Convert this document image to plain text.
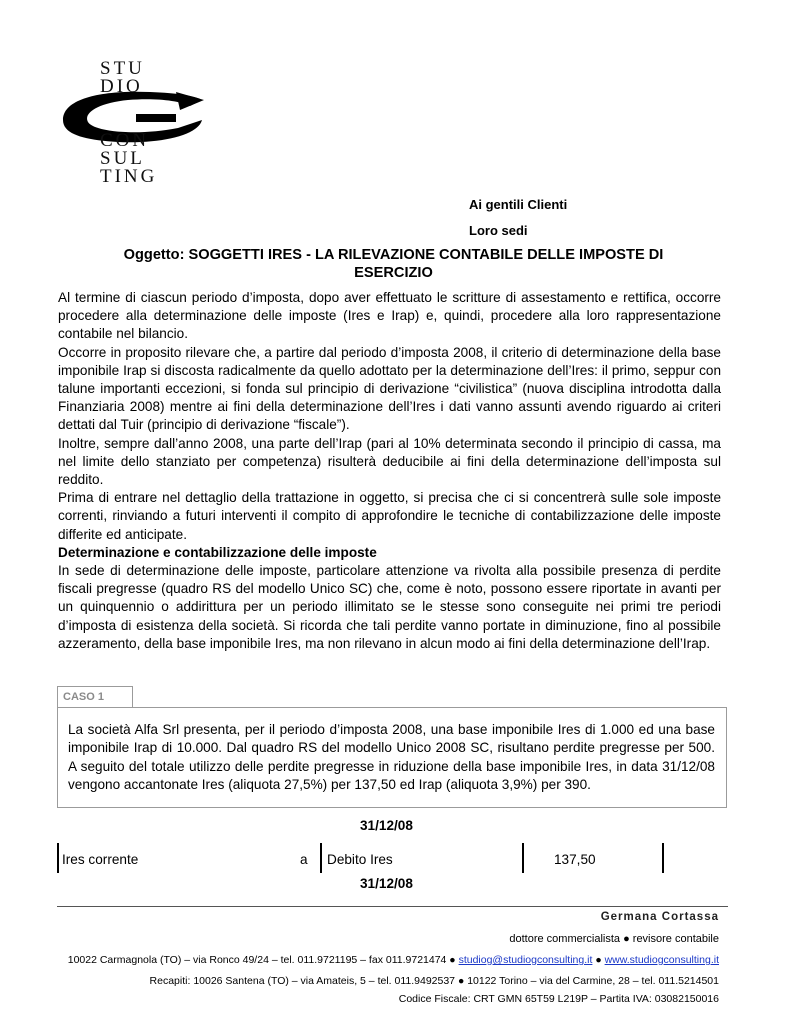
STU
DIO
CON
SUL
TING
Ai gentili Clienti
Loro sedi
Oggetto: SOGGETTI IRES - LA RILEVAZIONE CONTABILE DELLE IMPOSTE DI
ESERCIZIO

Al termine di ciascun periodo d’imposta, dopo aver effettuato le scritture di assestamento e rettifica, occorre procedere alla determinazione delle imposte (Ires e Irap) e, quindi, procedere alla loro rappresentazione contabile nel bilancio.

Occorre in proposito rilevare che, a partire dal periodo d’imposta 2008, il criterio di determinazione della base imponibile Irap si discosta radicalmente da quello adottato per la determinazione dell’Ires: il primo, seppur con talune importanti eccezioni, si fonda sul principio di derivazione “civilistica” (nuova disciplina introdotta dalla Finanziaria 2008) mentre ai fini della determinazione dell’Ires i dati vanno assunti avendo riguardo ai criteri dettati dal Tuir (principio di derivazione “fiscale”).

Inoltre, sempre dall’anno 2008, una parte dell’Irap (pari al 10% determinata secondo il principio di cassa, ma nel limite dello stanziato per competenza) risulterà deducibile ai fini della determinazione dell’imposta sul reddito.

Prima di entrare nel dettaglio della trattazione in oggetto, si precisa che ci si concentrerà sulle sole imposte correnti, rinviando a futuri interventi il compito di approfondire le tecniche di contabilizzazione delle imposte differite ed anticipate.

Determinazione e contabilizzazione delle imposte

In sede di determinazione delle imposte, particolare attenzione va rivolta alla possibile presenza di perdite fiscali pregresse (quadro RS del modello Unico SC) che, come è noto, possono essere riportate in avanti per un quinquennio o addirittura per un periodo illimitato se le stesse sono conseguite nei primi tre periodi d’imposta di esistenza della società. Si ricorda che tali perdite vanno portate in diminuzione, fino al possibile azzeramento, della base imponibile Ires, ma non rilevano in alcun modo ai fini della determinazione dell’Irap.

CASO 1
La società Alfa Srl presenta, per il periodo d’imposta 2008, una base imponibile Ires di 1.000 ed una base imponibile Irap di 10.000. Dal quadro RS del modello Unico 2008 SC, risultano perdite pregresse per 500. A seguito del totale utilizzo delle perdite pregresse in riduzione della base imponibile Ires, in data 31/12/08 vengono accantonate Ires (aliquota 27,5%) per 137,50 ed Irap (aliquota 3,9%) per 390.
31/12/08
Ires corrente	a Debito Ires	137,50
31/12/08
Germana Cortassa
dottore commercialista ● revisore contabile
10022 Carmagnola (TO) – via Ronco 49/24 – tel. 011.9721195 – fax 011.9721474 ● studiog@studiogconsulting.it ● www.studiogconsulting.it
Recapiti: 10026 Santena (TO) – via Amateis, 5 – tel. 011.9492537 ● 10122 Torino – via del Carmine, 28 – tel. 011.5214501
Codice Fiscale: CRT GMN 65T59 L219P – Partita IVA: 03082150016
